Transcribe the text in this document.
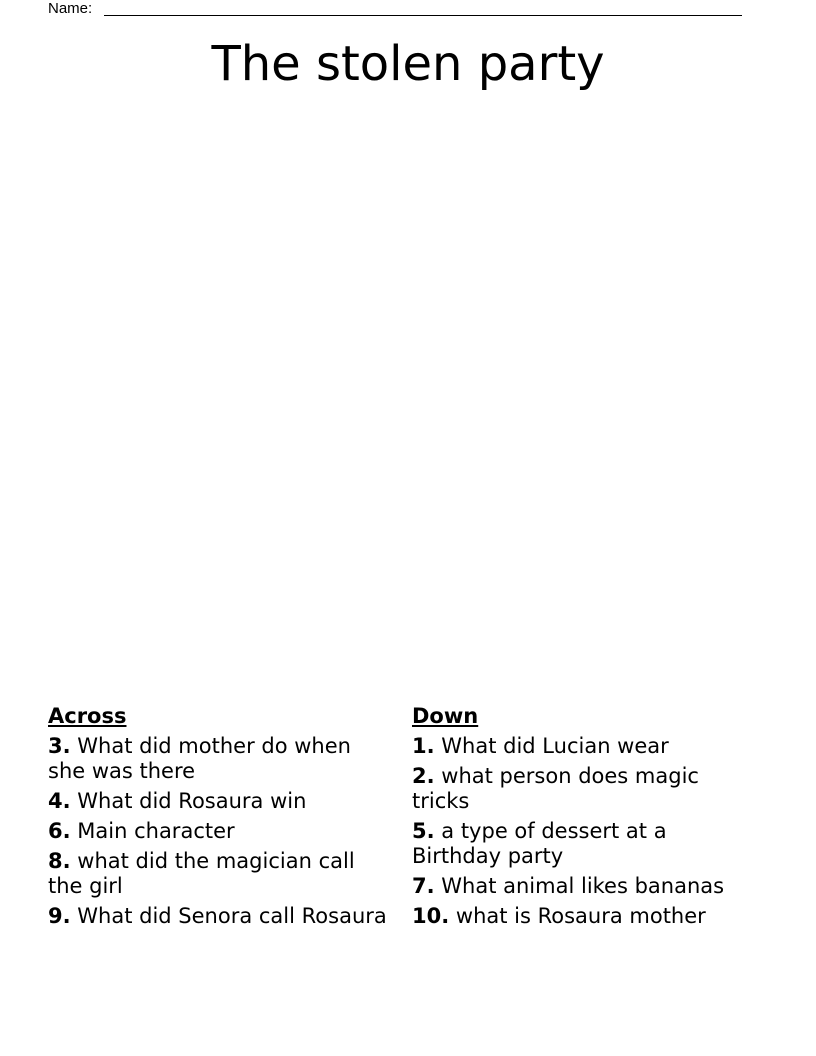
Name:
The stolen party
Across
3. What did mother do when she was there
4. What did Rosaura win
6. Main character
8. what did the magician call the girl
9. What did Senora call Rosaura
Down
1. What did Lucian wear
2. what person does magic tricks
5. a type of dessert at a Birthday party
7. What animal likes bananas
10. what is Rosaura mother
